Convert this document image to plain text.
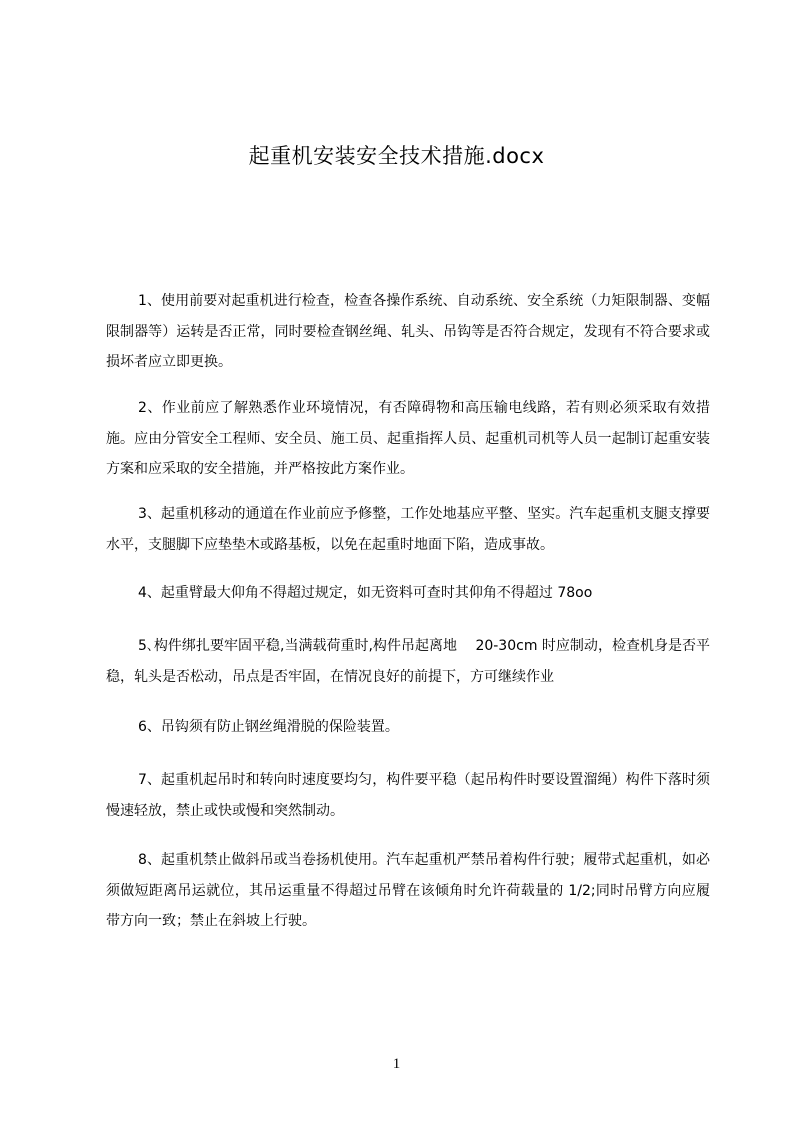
起重机安装安全技术措施.docx
1、使用前要对起重机进行检查，检查各操作系统、自动系统、安全系统（力矩限制器、变幅限制器等）运转是否正常，同时要检查钢丝绳、轧头、吊钩等是否符合规定，发现有不符合要求或损坏者应立即更换。
2、作业前应了解熟悉作业环境情况，有否障碍物和高压输电线路，若有则必须采取有效措施。应由分管安全工程师、安全员、施工员、起重指挥人员、起重机司机等人员一起制订起重安装方案和应采取的安全措施，并严格按此方案作业。
3、起重机移动的通道在作业前应予修整，工作处地基应平整、坚实。汽车起重机支腿支撑要水平，支腿脚下应垫垫木或路基板，以免在起重时地面下陷，造成事故。
4、起重臂最大仰角不得超过规定，如无资料可查时其仰角不得超过 78oo
5､构件绑扎要牢固平稳,当满载荷重时,构件吊起离地　 20-30cm 时应制动，检查机身是否平稳，轧头是否松动，吊点是否牢固，在情况良好的前提下，方可继续作业
6、吊钩须有防止钢丝绳滑脱的保险装置。
7、起重机起吊时和转向时速度要均匀，构件要平稳（起吊构件时要设置溜绳）构件下落时须慢速轻放，禁止或快或慢和突然制动。
8、起重机禁止做斜吊或当卷扬机使用。汽车起重机严禁吊着构件行驶；履带式起重机，如必须做短距离吊运就位，其吊运重量不得超过吊臂在该倾角时允许荷载量的 1/2;同时吊臂方向应履带方向一致；禁止在斜坡上行驶。
1
